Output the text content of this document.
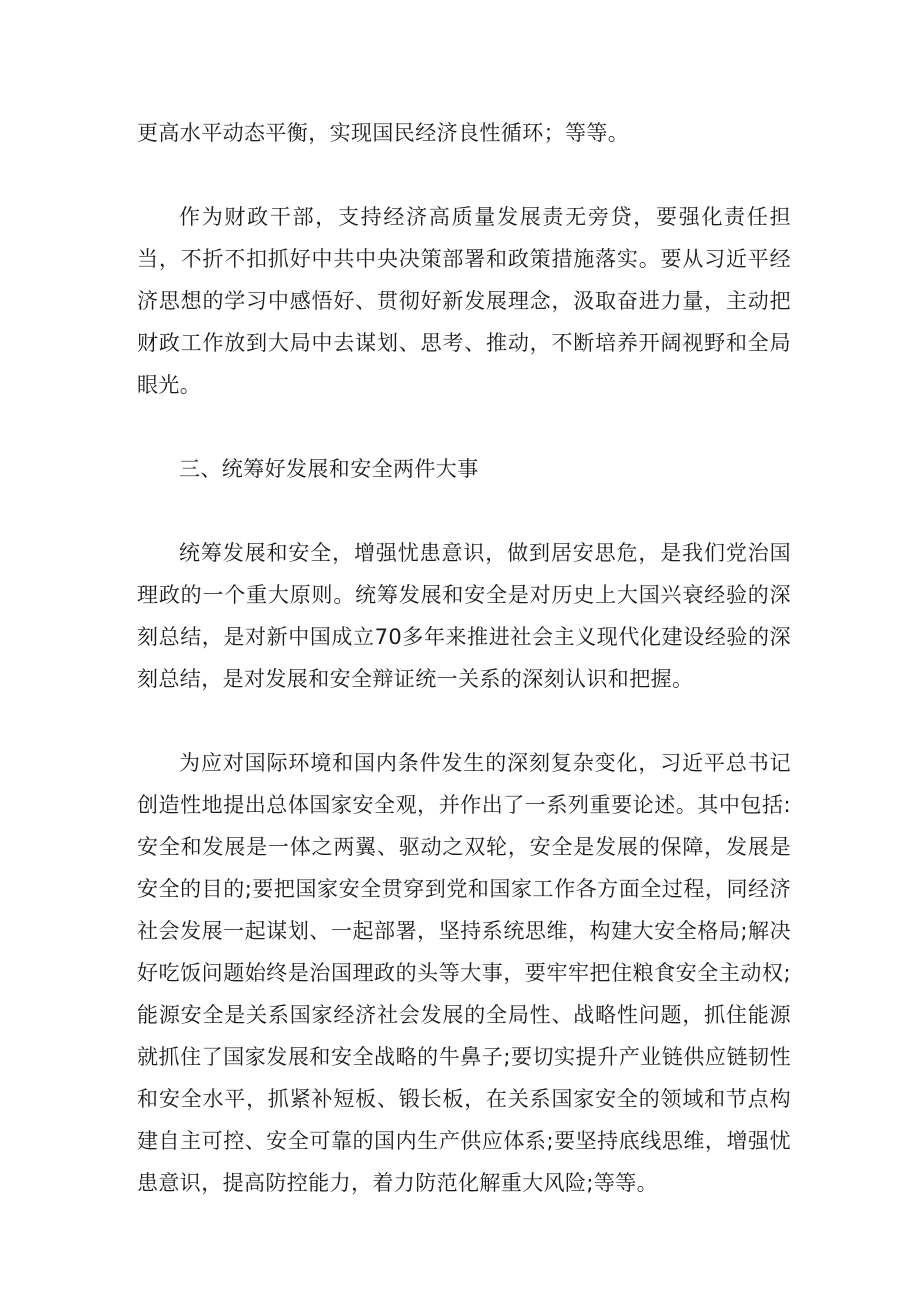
更高水平动态平衡，实现国民经济良性循环；等等。

作为财政干部，支持经济高质量发展责无旁贷，要强化责任担当，不折不扣抓好中共中央决策部署和政策措施落实。要从习近平经济思想的学习中感悟好、贯彻好新发展理念，汲取奋进力量，主动把财政工作放到大局中去谋划、思考、推动，不断培养开阔视野和全局眼光。

三、统筹好发展和安全两件大事

统筹发展和安全，增强忧患意识，做到居安思危，是我们党治国理政的一个重大原则。统筹发展和安全是对历史上大国兴衰经验的深刻总结，是对新中国成立70多年来推进社会主义现代化建设经验的深刻总结，是对发展和安全辩证统一关系的深刻认识和把握。

为应对国际环境和国内条件发生的深刻复杂变化，习近平总书记创造性地提出总体国家安全观，并作出了一系列重要论述。其中包括:安全和发展是一体之两翼、驱动之双轮，安全是发展的保障，发展是安全的目的;要把国家安全贯穿到党和国家工作各方面全过程，同经济社会发展一起谋划、一起部署，坚持系统思维，构建大安全格局;解决好吃饭问题始终是治国理政的头等大事，要牢牢把住粮食安全主动权;能源安全是关系国家经济社会发展的全局性、战略性问题，抓住能源就抓住了国家发展和安全战略的牛鼻子;要切实提升产业链供应链韧性和安全水平，抓紧补短板、锻长板，在关系国家安全的领域和节点构建自主可控、安全可靠的国内生产供应体系;要坚持底线思维，增强忧患意识，提高防控能力，着力防范化解重大风险;等等。
